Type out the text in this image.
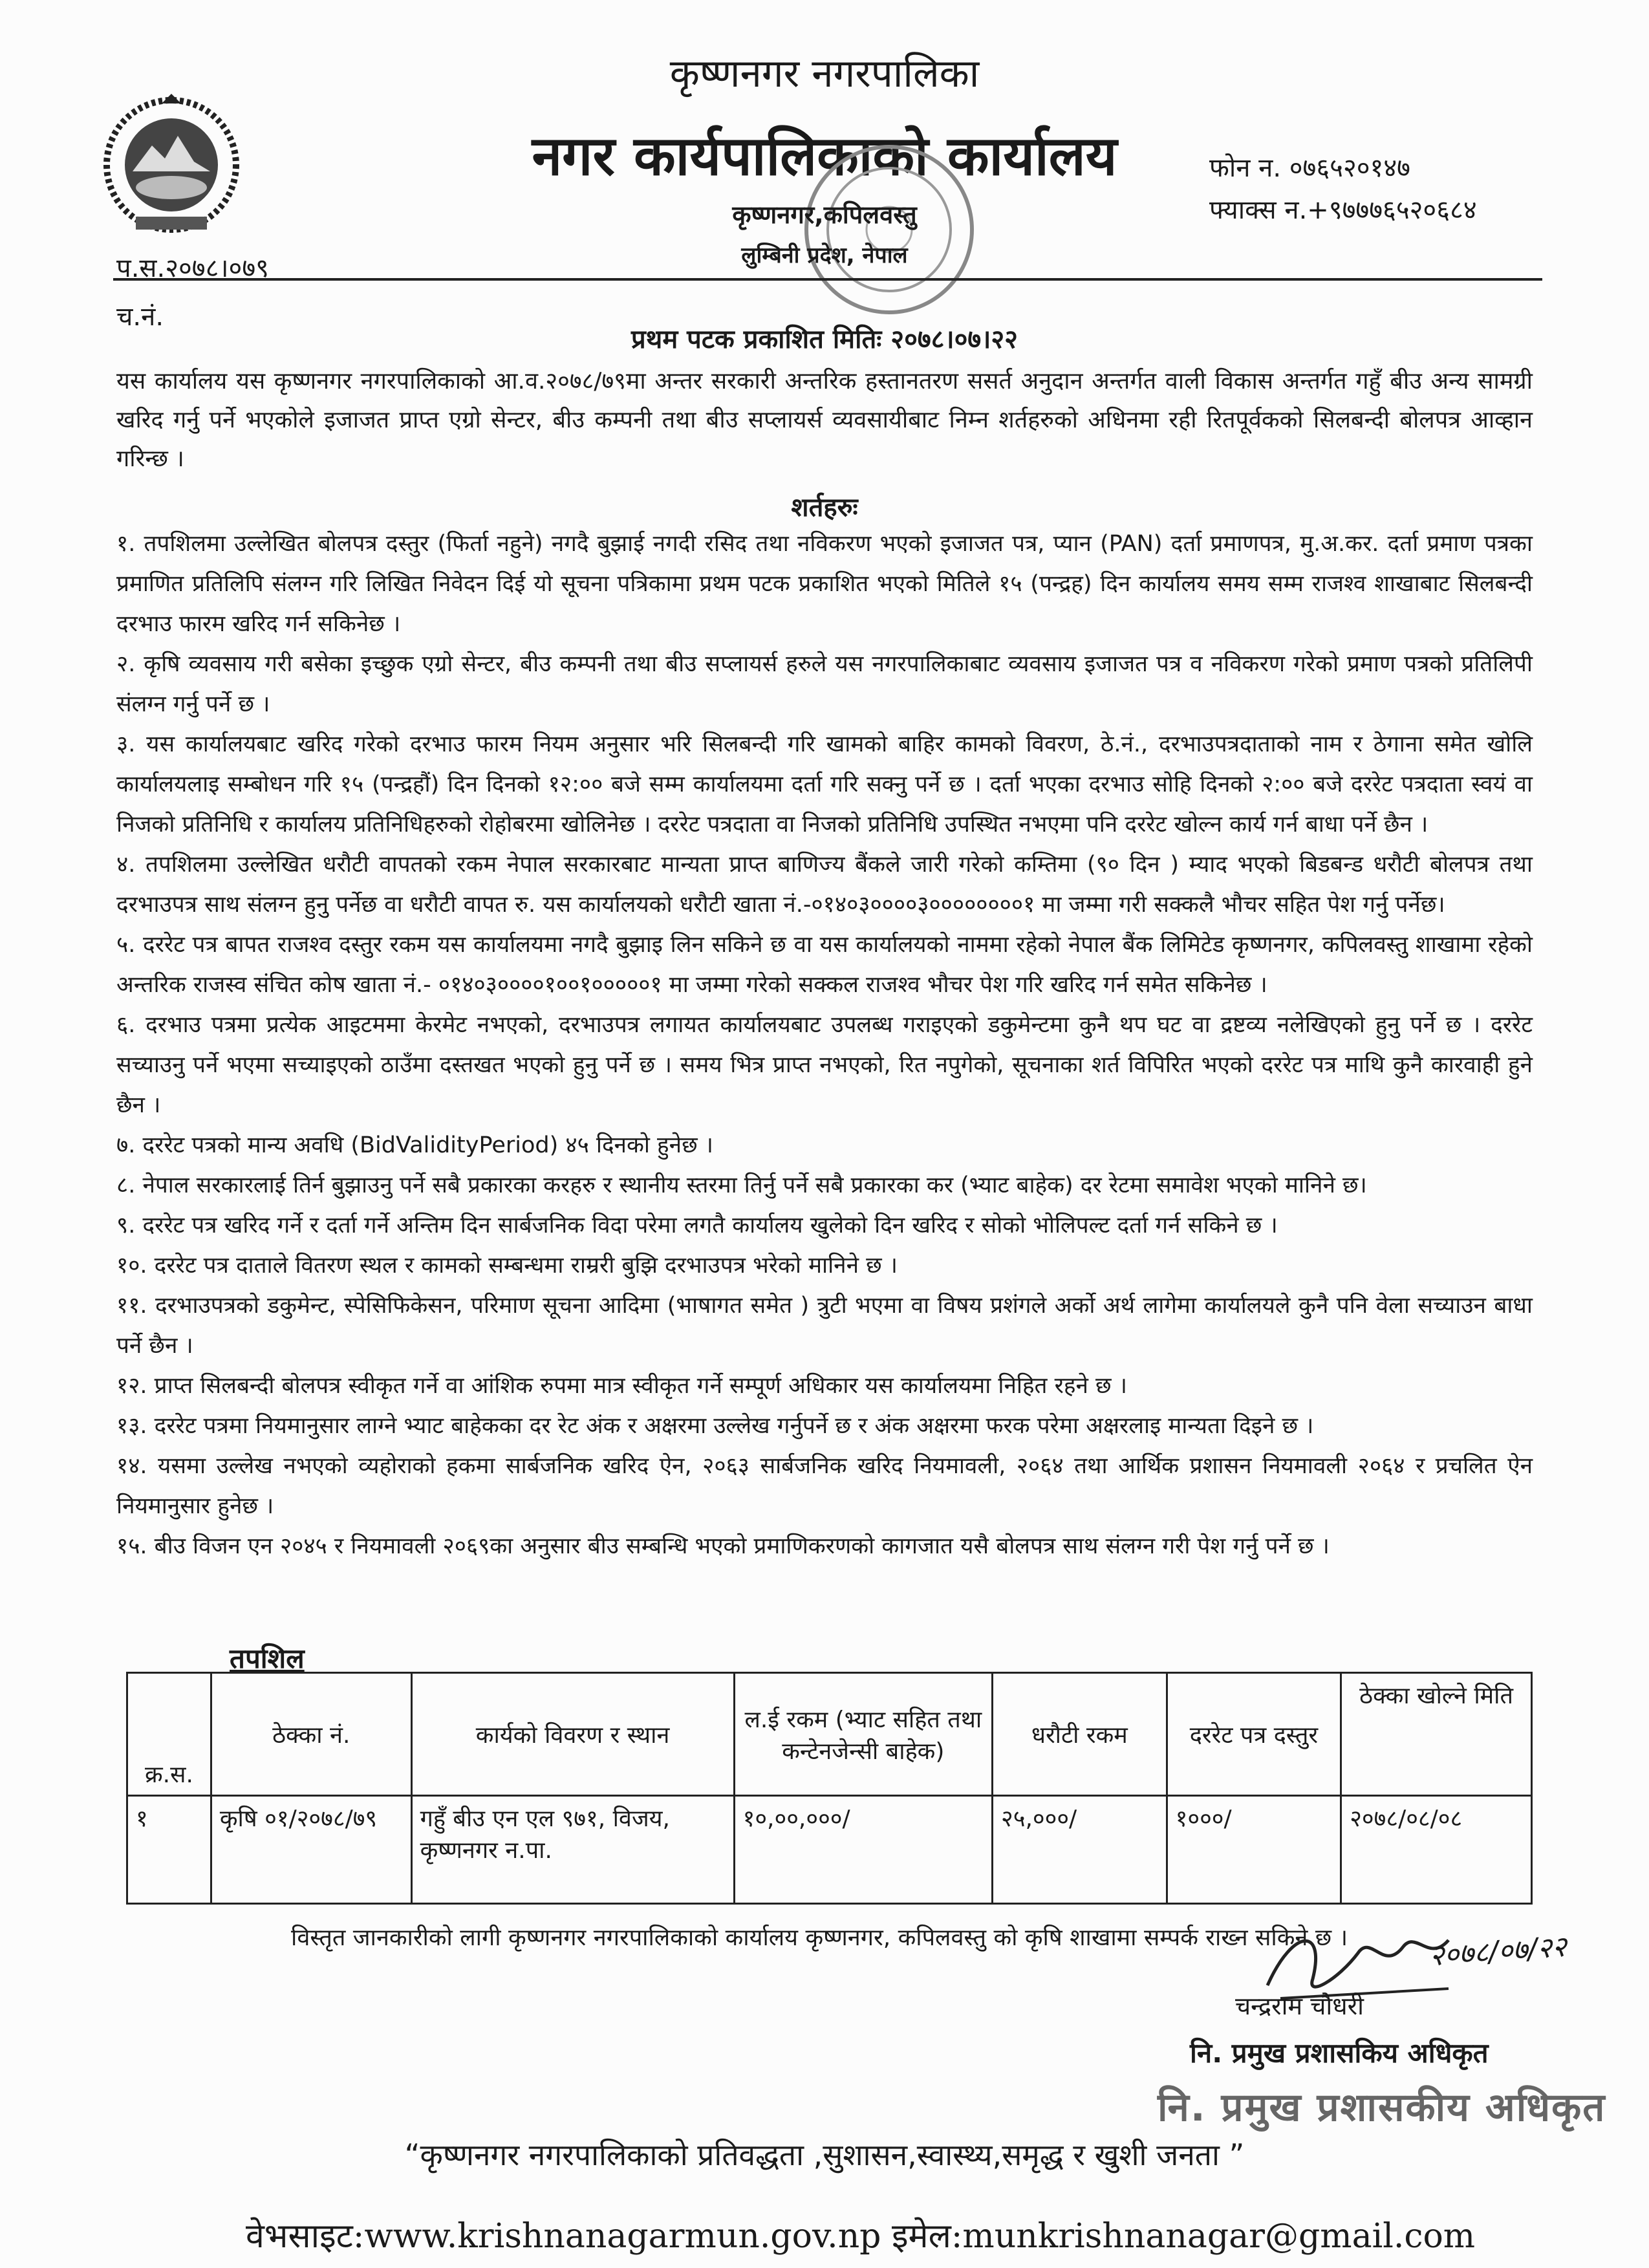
कृष्णनगर नगरपालिका
नगर कार्यपालिकाको कार्यालय
कृष्णनगर,कपिलवस्तु
लुम्बिनी प्रदेश, नेपाल
फोन न. ०७६५२०१४७
फ्याक्स न.+९७७७६५२०६८४
प.स.२०७८।०७९
च.नं.
प्रथम पटक प्रकाशित मितिः २०७८।०७।२२
यस कार्यालय यस कृष्णनगर नगरपालिकाको आ.व.२०७८/७९मा अन्तर सरकारी अन्तरिक हस्तानतरण ससर्त अनुदान अन्तर्गत वाली विकास अन्तर्गत गहुँ बीउ अन्य सामग्री खरिद गर्नु पर्ने भएकोले इजाजत प्राप्त एग्रो सेन्टर, बीउ कम्पनी तथा बीउ सप्लायर्स व्यवसायीबाट निम्न शर्तहरुको अधिनमा रही रितपूर्वकको सिलबन्दी बोलपत्र आव्हान गरिन्छ ।
शर्तहरुः

१. तपशिलमा उल्लेखित बोलपत्र दस्तुर (फिर्ता नहुने) नगदै बुझाई नगदी रसिद तथा नविकरण भएको इजाजत पत्र, प्यान (PAN) दर्ता प्रमाणपत्र, मु.अ.कर. दर्ता प्रमाण पत्रका प्रमाणित प्रतिलिपि संलग्न गरि लिखित निवेदन दिई यो सूचना पत्रिकामा प्रथम पटक प्रकाशित भएको मितिले १५ (पन्द्रह) दिन कार्यालय समय सम्म राजश्व शाखाबाट सिलबन्दी दरभाउ फारम खरिद गर्न सकिनेछ ।

२. कृषि व्यवसाय गरी बसेका इच्छुक एग्रो सेन्टर, बीउ कम्पनी तथा बीउ सप्लायर्स हरुले यस नगरपालिकाबाट व्यवसाय इजाजत पत्र व नविकरण गरेको प्रमाण पत्रको प्रतिलिपी संलग्न गर्नु पर्ने छ ।

३. यस कार्यालयबाट खरिद गरेको दरभाउ फारम नियम अनुसार भरि सिलबन्दी गरि खामको बाहिर कामको विवरण, ठे.नं., दरभाउपत्रदाताको नाम र ठेगाना समेत खोलि कार्यालयलाइ सम्बोधन गरि १५ (पन्द्रहौं) दिन दिनको १२:०० बजे सम्म कार्यालयमा दर्ता गरि सक्नु पर्ने छ । दर्ता भएका दरभाउ सोहि दिनको २:०० बजे दररेट पत्रदाता स्वयं वा निजको प्रतिनिधि र कार्यालय प्रतिनिधिहरुको रोहोबरमा खोलिनेछ । दररेट पत्रदाता वा निजको प्रतिनिधि उपस्थित नभएमा पनि दररेट खोल्न कार्य गर्न बाधा पर्ने छैन ।

४. तपशिलमा उल्लेखित धरौटी वापतको रकम नेपाल सरकारबाट मान्यता प्राप्त बाणिज्य बैंकले जारी गरेको कम्तिमा (९० दिन ) म्याद भएको बिडबन्ड धरौटी बोलपत्र तथा दरभाउपत्र साथ संलग्न हुनु पर्नेछ वा धरौटी वापत रु. यस कार्यालयको धरौटी खाता नं.-०१४०३००००३००००००००१ मा जम्मा गरी सक्कलै भौचर सहित पेश गर्नु पर्नेछ।

५. दररेट पत्र बापत राजश्व दस्तुर रकम यस कार्यालयमा नगदै बुझाइ लिन सकिने छ वा यस कार्यालयको नाममा रहेको नेपाल बैंक लिमिटेड कृष्णनगर, कपिलवस्तु शाखामा रहेको अन्तरिक राजस्व संचित कोष खाता नं.- ०१४०३००००१००१०००००१ मा जम्मा गरेको सक्कल राजश्व भौचर पेश गरि खरिद गर्न समेत सकिनेछ ।

६. दरभाउ पत्रमा प्रत्येक आइटममा केरमेट नभएको, दरभाउपत्र लगायत कार्यालयबाट उपलब्ध गराइएको डकुमेन्टमा कुनै थप घट वा द्रष्टव्य नलेखिएको हुनु पर्ने छ । दररेट सच्याउनु पर्ने भएमा सच्याइएको ठाउँमा दस्तखत भएको हुनु पर्ने छ । समय भित्र प्राप्त नभएको, रित नपुगेको, सूचनाका शर्त विपिरित भएको दररेट पत्र माथि कुनै कारवाही हुने छैन ।

७. दररेट पत्रको मान्य अवधि (BidValidityPeriod) ४५ दिनको हुनेछ ।

८. नेपाल सरकारलाई तिर्न बुझाउनु पर्ने सबै प्रकारका करहरु र स्थानीय स्तरमा तिर्नु पर्ने सबै प्रकारका कर (भ्याट बाहेक) दर रेटमा समावेश भएको मानिने छ।

९. दररेट पत्र खरिद गर्ने र दर्ता गर्ने अन्तिम दिन सार्बजनिक विदा परेमा लगतै कार्यालय खुलेको दिन खरिद र सोको भोलिपल्ट दर्ता गर्न सकिने छ ।

१०. दररेट पत्र दाताले वितरण स्थल र कामको सम्बन्धमा राम्ररी बुझि दरभाउपत्र भरेको मानिने छ ।

११. दरभाउपत्रको डकुमेन्ट, स्पेसिफिकेसन, परिमाण सूचना आदिमा (भाषागत समेत ) त्रुटी भएमा वा विषय प्रशंगले अर्को अर्थ लागेमा कार्यालयले कुनै पनि वेला सच्याउन बाधा पर्ने छैन ।

१२. प्राप्त सिलबन्दी बोलपत्र स्वीकृत गर्ने वा आंशिक रुपमा मात्र स्वीकृत गर्ने सम्पूर्ण अधिकार यस कार्यालयमा निहित रहने छ ।

१३. दररेट पत्रमा नियमानुसार लाग्ने भ्याट बाहेकका दर रेट अंक र अक्षरमा उल्लेख गर्नुपर्ने छ र अंक अक्षरमा फरक परेमा अक्षरलाइ मान्यता दिइने छ ।

१४. यसमा उल्लेख नभएको व्यहोराको हकमा सार्बजनिक खरिद ऐन, २०६३ सार्बजनिक खरिद नियमावली, २०६४ तथा आर्थिक प्रशासन नियमावली २०६४ र प्रचलित ऐन नियमानुसार हुनेछ ।

१५. बीउ विजन एन २०४५ र नियमावली २०६९का अनुसार बीउ सम्बन्धि भएको प्रमाणिकरणको कागजात यसै बोलपत्र साथ संलग्न गरी पेश गर्नु पर्ने छ ।

तपशिल
क्र.स.	ठेक्का नं.	कार्यको विवरण र स्थान	ल.ई रकम (भ्याट सहित तथा कन्टेनजेन्सी बाहेक)	धरौटी रकम	दररेट पत्र दस्तुर	ठेक्का खोल्ने मिति
१	कृषि ०१/२०७८/७९	गहुँ बीउ एन एल ९७१, विजय, कृष्णनगर न.पा.	१०,००,०००/	२५,०००/	१०००/	२०७८/०८/०८
विस्तृत जानकारीको लागी कृष्णनगर नगरपालिकाको कार्यालय कृष्णनगर, कपिलवस्तु को कृषि शाखामा सम्पर्क राख्न सकिने छ ।	२०७८/०७/२२
चन्द्रराम चौधरी
नि. प्रमुख प्रशासकिय अधिकृत
नि. प्रमुख प्रशासकीय अधिकृत
“कृष्णनगर नगरपालिकाको प्रतिवद्धता ,सुशासन,स्वास्थ्य,समृद्ध र खुशी जनता ”
वेभसाइट:www.krishnanagarmun.gov.np इमेल:munkrishnanagar@gmail.com
